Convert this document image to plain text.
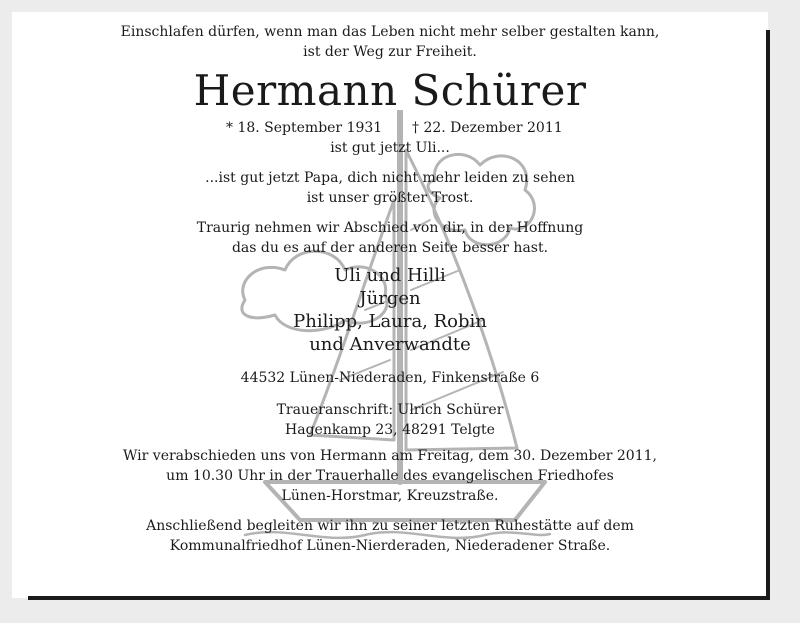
Einschlafen dürfen, wenn man das Leben nicht mehr selber gestalten kann,
ist der Weg zur Freiheit.
Hermann Schürer
* 18. September 1931 † 22. Dezember 2011
ist gut jetzt Uli...
...ist gut jetzt Papa, dich nicht mehr leiden zu sehen
ist unser größter Trost.
Traurig nehmen wir Abschied von dir, in der Hoffnung
das du es auf der anderen Seite besser hast.
Uli und Hilli
Jürgen
Philipp, Laura, Robin
und Anverwandte
44532 Lünen-Niederaden, Finkenstraße 6
Traueranschrift: Ulrich Schürer
Hagenkamp 23, 48291 Telgte
Wir verabschieden uns von Hermann am Freitag, dem 30. Dezember 2011,
um 10.30 Uhr in der Trauerhalle des evangelischen Friedhofes
Lünen-Horstmar, Kreuzstraße.
Anschließend begleiten wir ihn zu seiner letzten Ruhestätte auf dem
Kommunalfriedhof Lünen-Nierderaden, Niederadener Straße.
